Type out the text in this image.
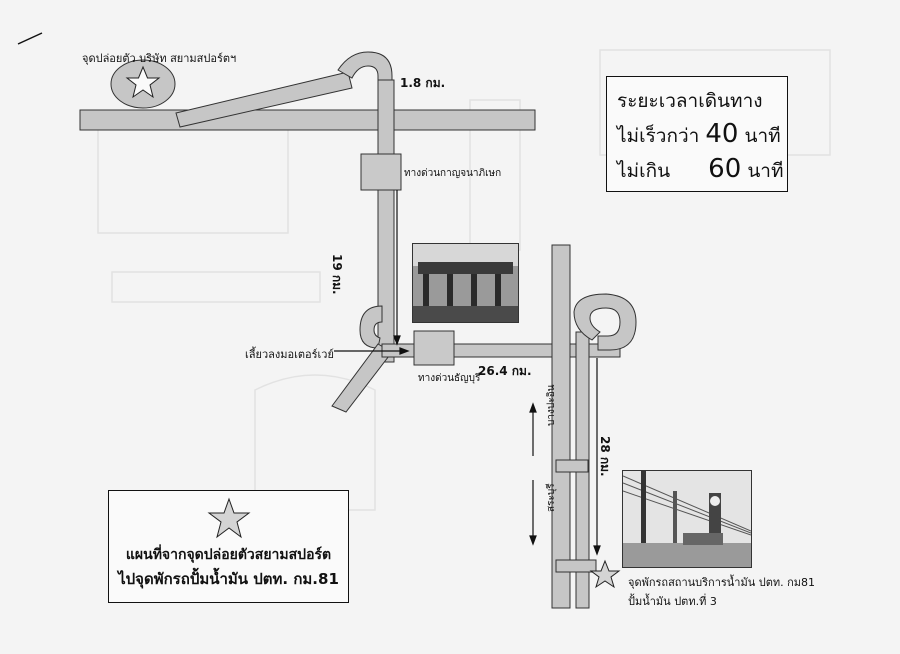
จุดปล่อยตัว บริษัท สยามสปอร์ตฯ
1.8 กม.
ทางด่วนกาญจนาภิเษก
19 กม.
เลี้ยวลงมอเตอร์เวย์
ทางด่วนธัญบุรี
26.4 กม.
บางปะอิน
สระบุรี
28 กม.
จุดพักรถสถานบริการน้ำมัน ปตท. กม81
ปั้มน้ำมัน ปตท.ที่ 3
ระยะเวลาเดินทาง
ไม่เร็วกว่า 40 นาที
ไม่เกิน 60 นาที
แผนที่จากจุดปล่อยตัวสยามสปอร์ต
ไปจุดพักรถปั้มน้ำมัน ปตท. กม.81
